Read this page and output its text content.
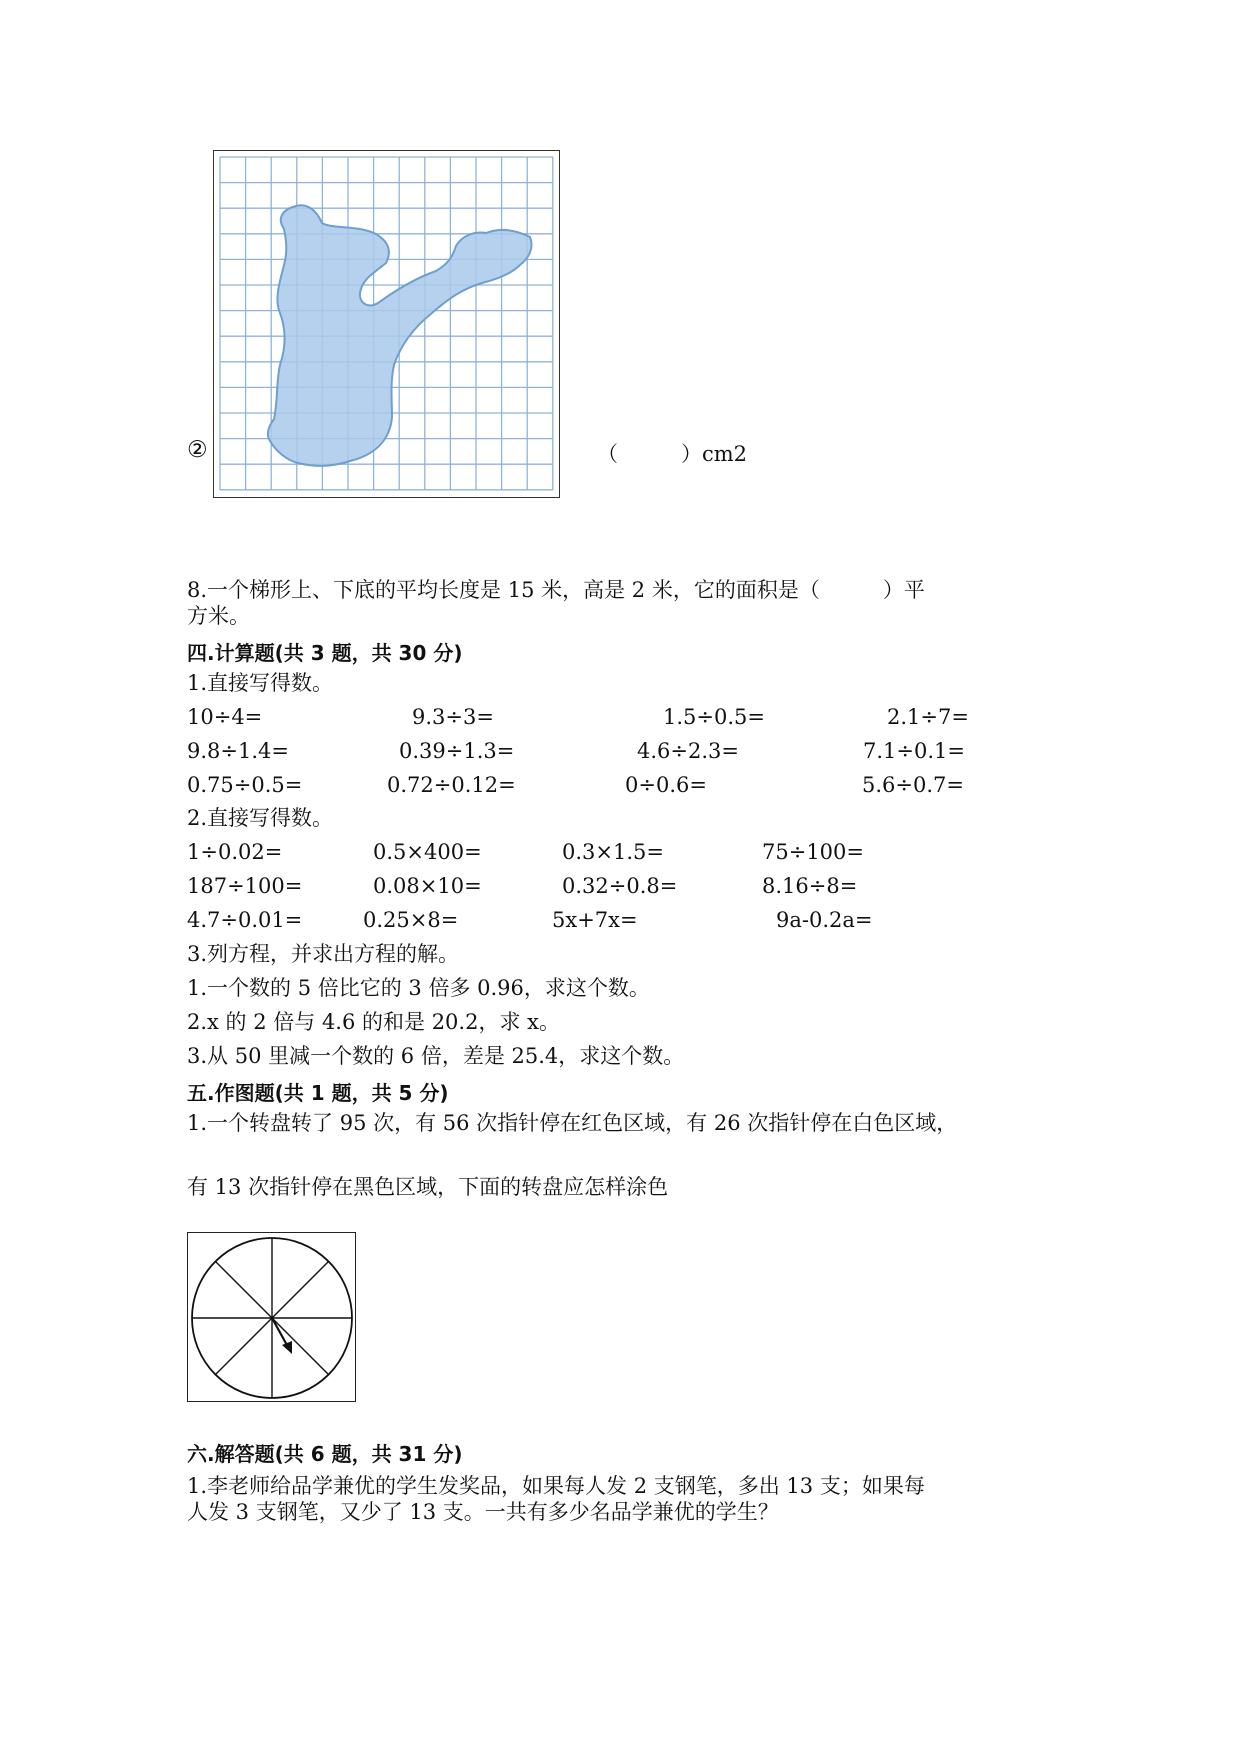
②	（　　　）cm2
8.一个梯形上、下底的平均长度是 15 米，高是 2 米，它的面积是（　　　）平
方米。
四.计算题(共 3 题，共 30 分)
1.直接写得数。
10÷4=	9.3÷3=	1.5÷0.5=	2.1÷7=
9.8÷1.4=	0.39÷1.3=	4.6÷2.3=	7.1÷0.1=
0.75÷0.5=	0.72÷0.12=	0÷0.6=	5.6÷0.7=
2.直接写得数。
1÷0.02=	0.5×400=	0.3×1.5=	75÷100=
187÷100=	0.08×10=	0.32÷0.8=	8.16÷8=
4.7÷0.01=	0.25×8=	5x+7x=	9a-0.2a=
3.列方程，并求出方程的解。
1.一个数的 5 倍比它的 3 倍多 0.96，求这个数。
2.x 的 2 倍与 4.6 的和是 20.2，求 x。
3.从 50 里减一个数的 6 倍，差是 25.4，求这个数。
五.作图题(共 1 题，共 5 分)
1.一个转盘转了 95 次，有 56 次指针停在红色区域，有 26 次指针停在白色区域，
有 13 次指针停在黑色区域，下面的转盘应怎样涂色
六.解答题(共 6 题，共 31 分)
1.李老师给品学兼优的学生发奖品，如果每人发 2 支钢笔，多出 13 支；如果每
人发 3 支钢笔，又少了 13 支。一共有多少名品学兼优的学生？
